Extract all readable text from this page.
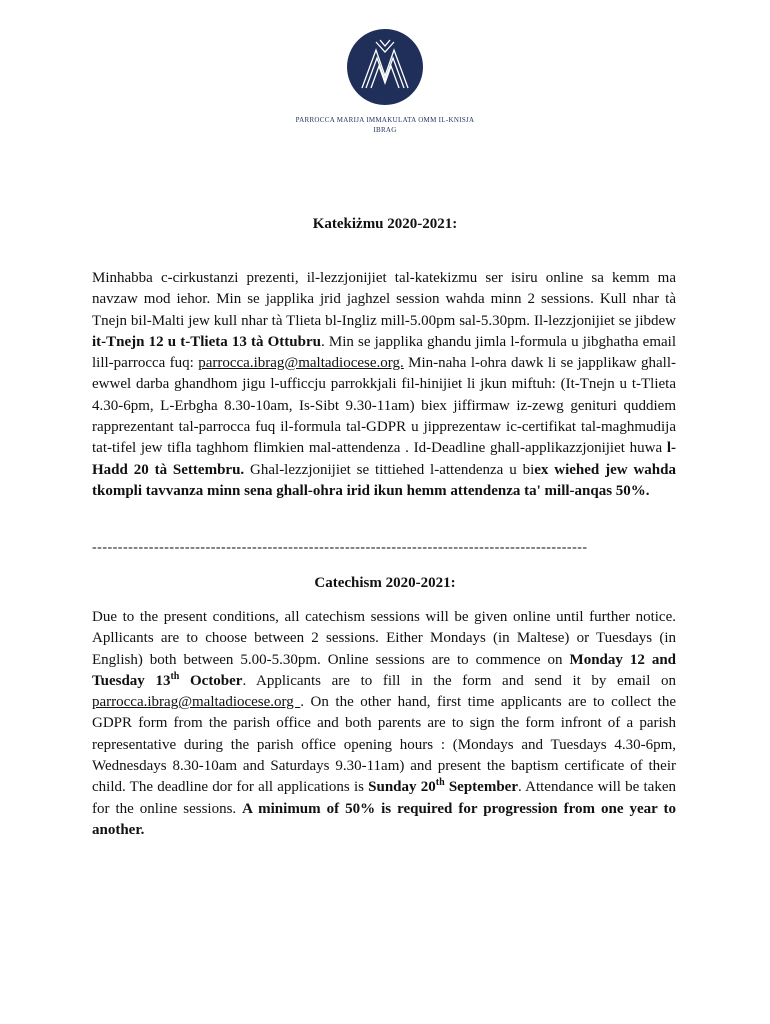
PARROCCA MARIJA IMMAKULATA OMM IL-KNISJA
IBRAG
Katekiżmu 2020-2021:
Minhabba c-cirkustanzi prezenti, il-lezzjonijiet tal-katekizmu ser isiru online sa kemm ma navzaw mod iehor. Min se japplika jrid jaghzel session wahda minn 2 sessions. Kull nhar tà Tnejn bil-Malti jew kull nhar tà Tlieta bl-Ingliz mill-5.00pm sal-5.30pm. Il-lezzjonijiet se jibdew it-Tnejn 12 u t-Tlieta 13 tà Ottubru. Min se japplika ghandu jimla l-formula u jibghatha email lill-parrocca fuq: parrocca.ibrag@maltadiocese.org. Min-naha l-ohra dawk li se japplikaw ghall-ewwel darba ghandhom jigu l-ufficcju parrokkjali fil-hinijiet li jkun miftuh: (It-Tnejn u t-Tlieta 4.30-6pm, L-Erbgha 8.30-10am, Is-Sibt 9.30-11am) biex jiffirmaw iz-zewg genituri quddiem rapprezentant tal-parrocca fuq il-formula tal-GDPR u jipprezentaw ic-certifikat tal-maghmudija tat-tifel jew tifla taghhom flimkien mal-attendenza . Id-Deadline ghall-applikazzjonijiet huwa l-Hadd 20 tà Settembru. Ghal-lezzjonijiet se tittiehed l-attendenza u biex wiehed jew wahda tkompli tavvanza minn sena ghall-ohra irid ikun hemm attendenza ta' mill-anqas 50%.
------------------------------------------------------------------------------------------------
Catechism 2020-2021:
Due to the present conditions, all catechism sessions will be given online until further notice. Apllicants are to choose between 2 sessions. Either Mondays (in Maltese) or Tuesdays (in English) both between 5.00-5.30pm. Online sessions are to commence on Monday 12 and Tuesday 13th October. Applicants are to fill in the form and send it by email on parrocca.ibrag@maltadiocese.org . On the other hand, first time applicants are to collect the GDPR form from the parish office and both parents are to sign the form infront of a parish representative during the parish office opening hours : (Mondays and Tuesdays 4.30-6pm, Wednesdays 8.30-10am and Saturdays 9.30-11am) and present the baptism certificate of their child. The deadline dor for all applications is Sunday 20th September. Attendance will be taken for the online sessions. A minimum of 50% is required for progression from one year to another.
